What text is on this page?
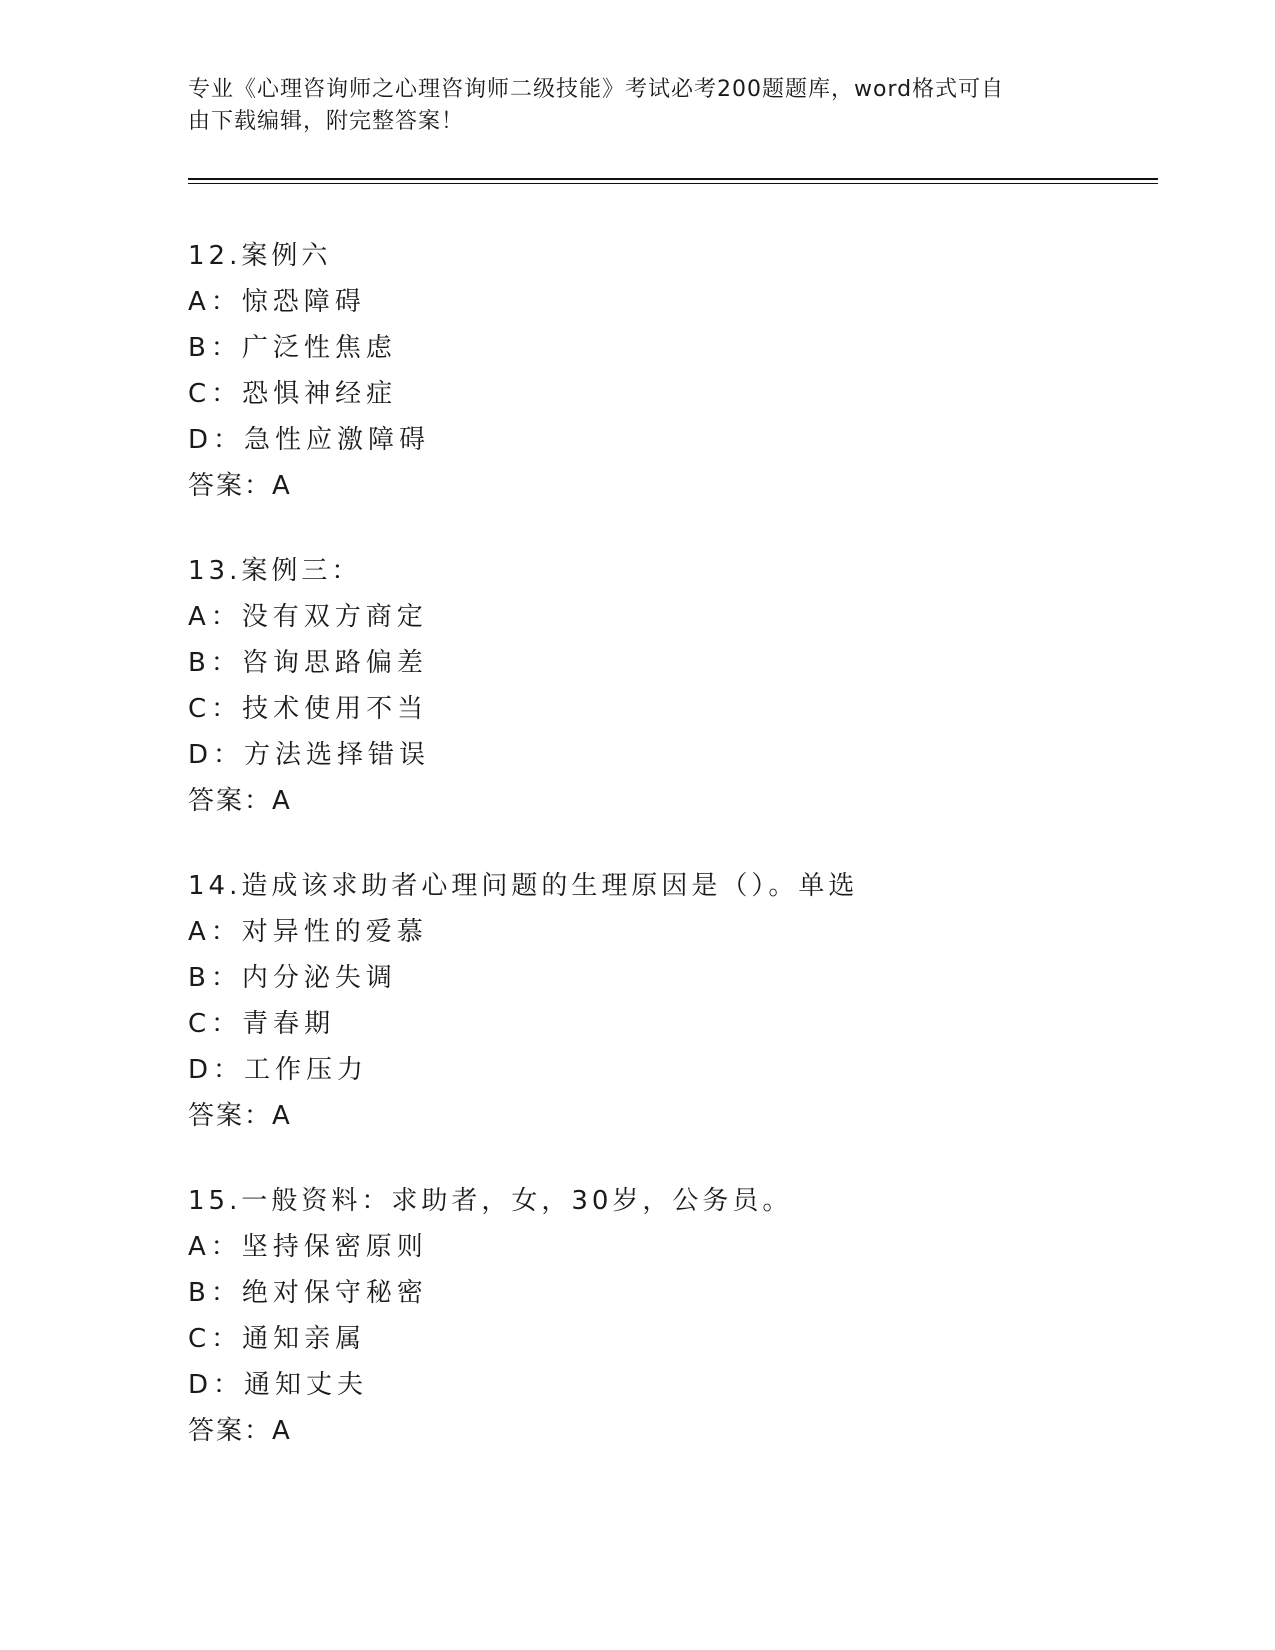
专业《心理咨询师之心理咨询师二级技能》考试必考200题题库，word格式可自
由下载编辑，附完整答案！
12.案例六
A：惊恐障碍
B：广泛性焦虑
C：恐惧神经症
D：急性应激障碍
答案：A
13.案例三：
A：没有双方商定
B：咨询思路偏差
C：技术使用不当
D：方法选择错误
答案：A
14.造成该求助者心理问题的生理原因是（）。单选
A：对异性的爱慕
B：内分泌失调
C：青春期
D：工作压力
答案：A
15.一般资料：求助者，女，30岁，公务员。
A：坚持保密原则
B：绝对保守秘密
C：通知亲属
D：通知丈夫
答案：A
